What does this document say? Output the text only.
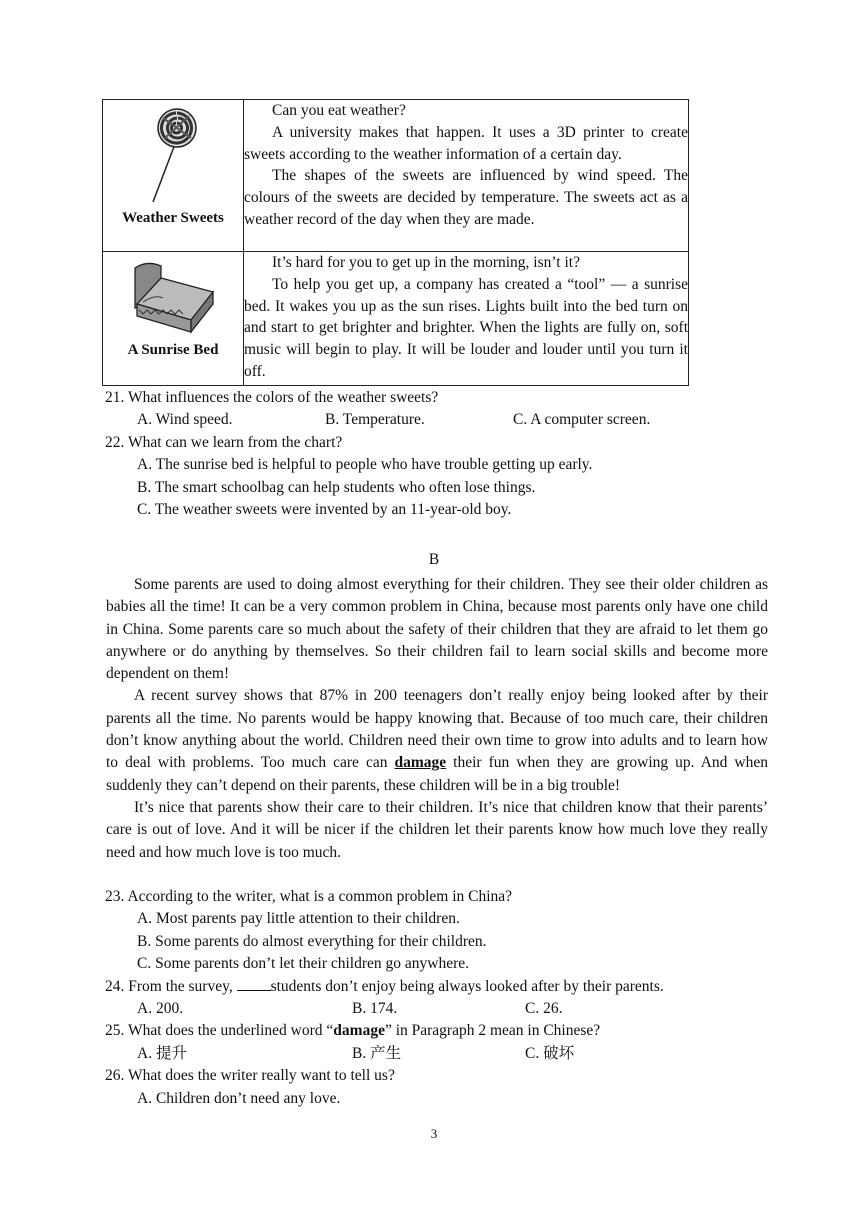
Weather Sweets	Can you eat weather?

A university makes that happen. It uses a 3D printer to create sweets according to the weather information of a certain day.

The shapes of the sweets are influenced by wind speed. The colours of the sweets are decided by temperature. The sweets act as a weather record of the day when they are made.

A Sunrise Bed	It’s hard for you to get up in the morning, isn’t it?

To help you get up, a company has created a “tool” — a sunrise bed. It wakes you up as the sun rises. Lights built into the bed turn on and start to get brighter and brighter. When the lights are fully on, soft music will begin to play. It will be louder and louder until you turn it off.

21. What influences the colors of the weather sweets?

A. Wind speed.	B. Temperature.	C. A computer screen.

22. What can we learn from the chart?

A. The sunrise bed is helpful to people who have trouble getting up early.

B. The smart schoolbag can help students who often lose things.

C. The weather sweets were invented by an 11-year-old boy.

B

Some parents are used to doing almost everything for their children. They see their older children as babies all the time! It can be a very common problem in China, because most parents only have one child in China. Some parents care so much about the safety of their children that they are afraid to let them go anywhere or do anything by themselves. So their children fail to learn social skills and become more dependent on them!

A recent survey shows that 87% in 200 teenagers don’t really enjoy being looked after by their parents all the time. No parents would be happy knowing that. Because of too much care, their children don’t know anything about the world. Children need their own time to grow into adults and to learn how to deal with problems. Too much care can damage their fun when they are growing up. And when suddenly they can’t depend on their parents, these children will be in a big trouble!

It’s nice that parents show their care to their children. It’s nice that children know that their parents’ care is out of love. And it will be nicer if the children let their parents know how much love they really need and how much love is too much.

23. According to the writer, what is a common problem in China?

A. Most parents pay little attention to their children.

B. Some parents do almost everything for their children.

C. Some parents don’t let their children go anywhere.

24. From the survey, students don’t enjoy being always looked after by their parents.

A. 200.	B. 174.	C. 26.

25. What does the underlined word “damage” in Paragraph 2 mean in Chinese?

A. 提升	B. 产生	C. 破坏

26. What does the writer really want to tell us?

A. Children don’t need any love.

3
